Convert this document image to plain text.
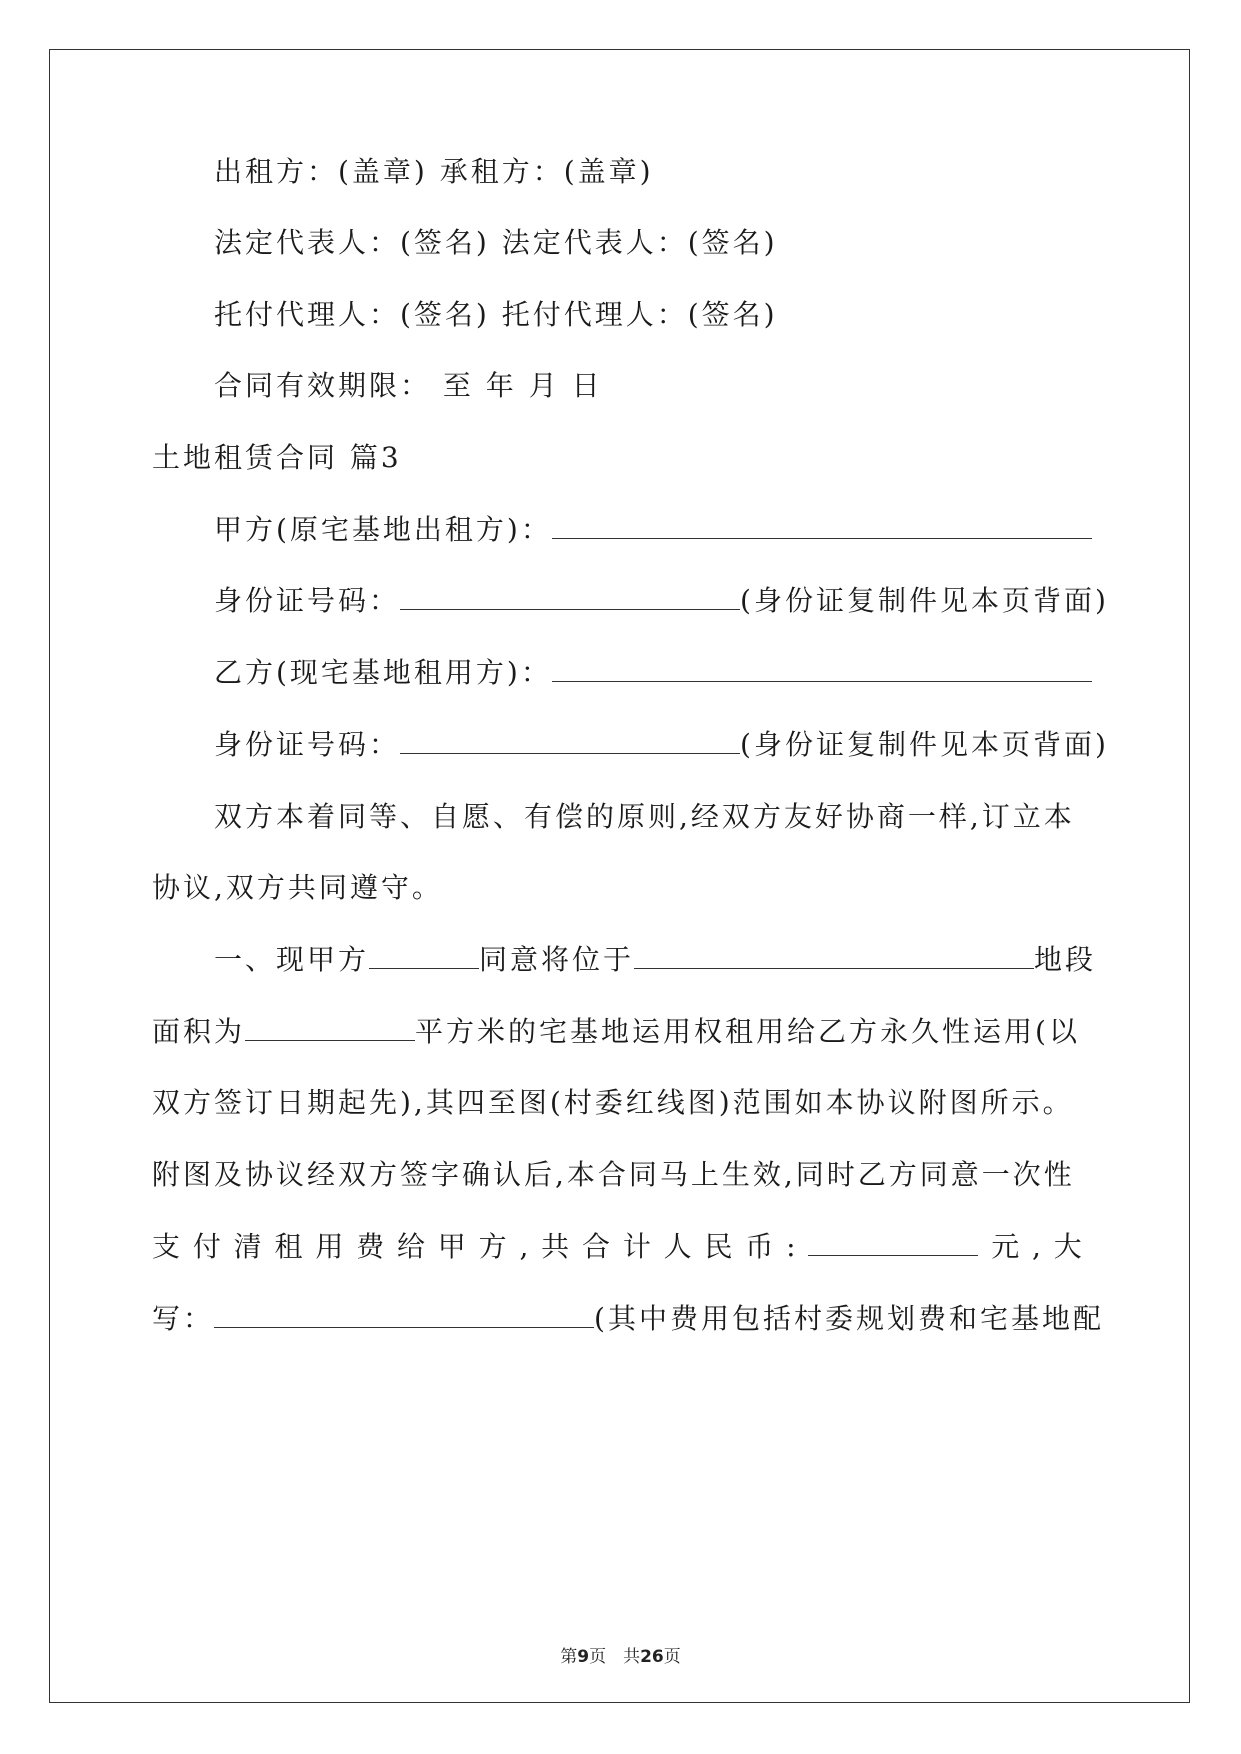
出租方：(盖章) 承租方：(盖章)
法定代表人：(签名) 法定代表人：(签名)
托付代理人：(签名) 托付代理人：(签名)
合同有效期限： 至 年 月 日
土地租赁合同 篇3
甲方(原宅基地出租方)：
身份证号码：	(身份证复制件见本页背面)
乙方(现宅基地租用方)：
身份证号码：	(身份证复制件见本页背面)
双方本着同等、自愿、有偿的原则,经双方友好协商一样,订立本
协议,双方共同遵守。
一、现甲方	同意将位于	地段
面积为	平方米的宅基地运用权租用给乙方永久性运用(以
双方签订日期起先),其四至图(村委红线图)范围如本协议附图所示。
附图及协议经双方签字确认后,本合同马上生效,同时乙方同意一次性
支 付 清 租 用 费 给 甲 方 , 共 合 计 人 民 币 :	元 , 大
写：	(其中费用包括村委规划费和宅基地配
第9页　共26页
